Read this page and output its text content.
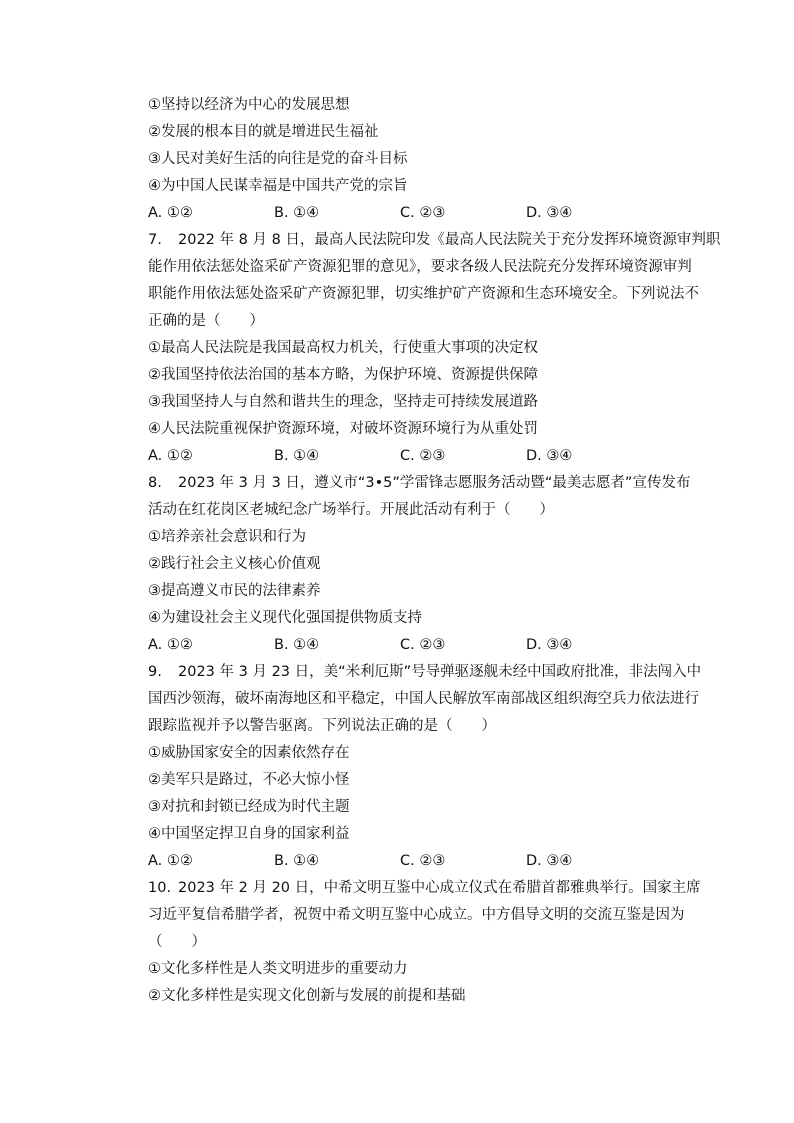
①坚持以经济为中心的发展思想
②发展的根本目的就是增进民生福祉
③人民对美好生活的向往是党的奋斗目标
④为中国人民谋幸福是中国共产党的宗旨
A. ①②	B. ①④	C. ②③	D. ③④
7. 2022 年 8 月 8 日，最高人民法院印发《最高人民法院关于充分发挥环境资源审判职
能作用依法惩处盗采矿产资源犯罪的意见》，要求各级人民法院充分发挥环境资源审判
职能作用依法惩处盗采矿产资源犯罪，切实维护矿产资源和生态环境安全。下列说法不
正确的是（　　）
①最高人民法院是我国最高权力机关，行使重大事项的决定权
②我国坚持依法治国的基本方略，为保护环境、资源提供保障
③我国坚持人与自然和谐共生的理念，坚持走可持续发展道路
④人民法院重视保护资源环境，对破坏资源环境行为从重处罚
A. ①②	B. ①④	C. ②③	D. ③④
8. 2023 年 3 月 3 日，遵义市“3•5”学雷锋志愿服务活动暨“最美志愿者”宣传发布
活动在红花岗区老城纪念广场举行。开展此活动有利于（　　）
①培养亲社会意识和行为
②践行社会主义核心价值观
③提高遵义市民的法律素养
④为建设社会主义现代化强国提供物质支持
A. ①②	B. ①④	C. ②③	D. ③④
9. 2023 年 3 月 23 日，美“米利厄斯”号导弹驱逐舰未经中国政府批准，非法闯入中
国西沙领海，破坏南海地区和平稳定，中国人民解放军南部战区组织海空兵力依法进行
跟踪监视并予以警告驱离。下列说法正确的是（　　）
①威胁国家安全的因素依然存在
②美军只是路过，不必大惊小怪
③对抗和封锁已经成为时代主题
④中国坚定捍卫自身的国家利益
A. ①②	B. ①④	C. ②③	D. ③④
10. 2023 年 2 月 20 日，中希文明互鉴中心成立仪式在希腊首都雅典举行。国家主席
习近平复信希腊学者，祝贺中希文明互鉴中心成立。中方倡导文明的交流互鉴是因为
（　　）
①文化多样性是人类文明进步的重要动力
②文化多样性是实现文化创新与发展的前提和基础
